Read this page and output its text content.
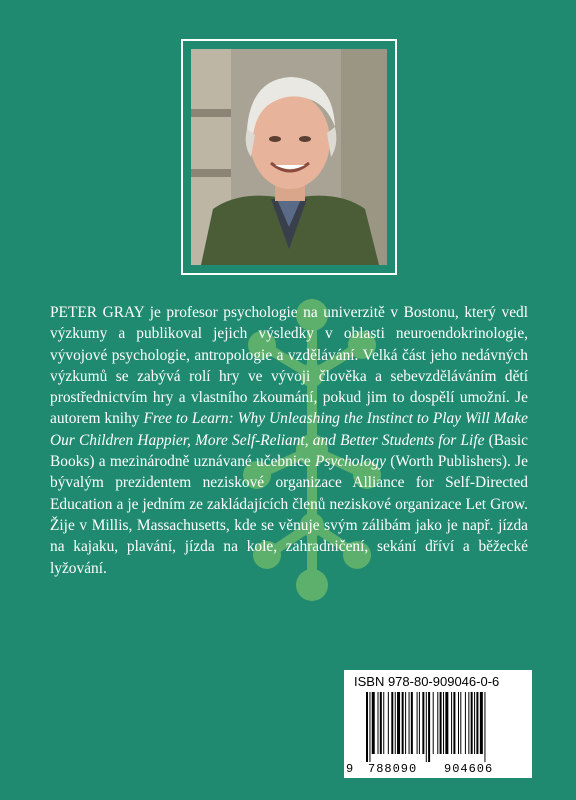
PETER GRAY je profesor psychologie na univerzitě v Bostonu, který vedl výzkumy a publikoval jejich výsledky v oblasti neuroendokrinologie, vývojové psychologie, antropologie a vzdělávání. Velká část jeho nedávných výzkumů se zabývá rolí hry ve vývoji člověka a sebevzděláváním dětí prostřednictvím hry a vlastního zkoumání, pokud jim to dospělí umožní. Je autorem knihy Free to Learn: Why Unleashing the Instinct to Play Will Make Our Children Happier, More Self-Reliant, and Better Students for Life (Basic Books) a mezinárodně uznávané učebnice Psychology (Worth Publishers). Je bývalým prezidentem neziskové organizace Alliance for Self-Directed Education a je jedním ze zakládajících členů neziskové organizace Let Grow. Žije v Millis, Massachusetts, kde se věnuje svým zálibám jako je např. jízda na kajaku, plavání, jízda na kole, zahradničení, sekání dříví a běžecké lyžování.

ISBN 978-80-909046-0-6
9 788090 904606
